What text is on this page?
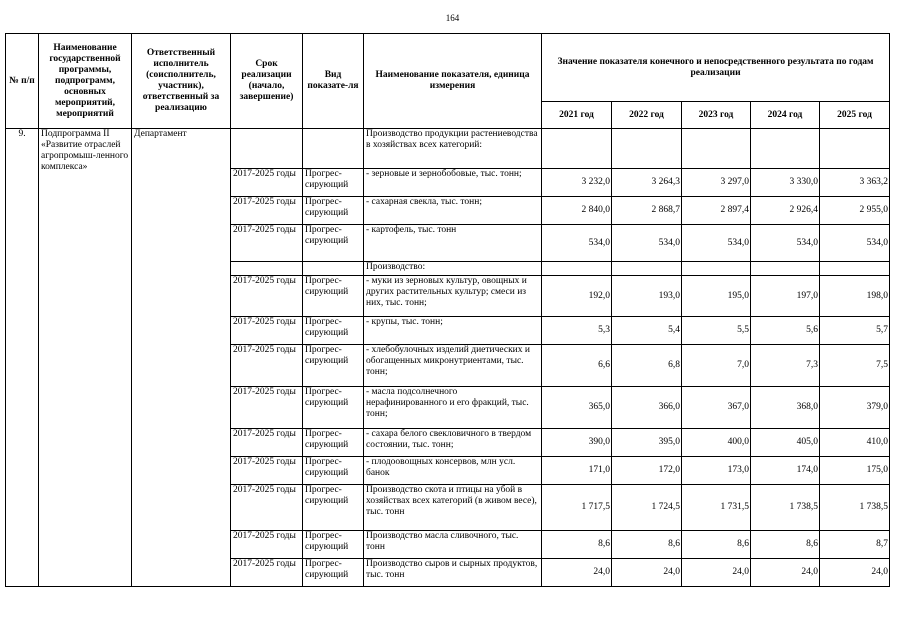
164
№ п/п	Наименование государственной программы, подпрограмм, основных мероприятий, мероприятий	Ответственный исполнитель (соисполнитель, участник), ответственный за реализацию	Срок реализации (начало, завершение)	Вид показате-ля	Наименование показателя, единица измерения	Значение показателя конечного и непосредственного результата по годам реализации				
						2021 год	2022 год	2023 год	2024 год	2025 год
9.	Подпрограмма II «Развитие отраслей агропромыш-ленного комплекса»	Департамент			Производство продукции растениеводства в хозяйствах всех категорий:					
			2017-2025 годы	Прогрес-сирующий	- зерновые и зернобобовые, тыс. тонн;	3 232,0	3 264,3	3 297,0	3 330,0	3 363,2
			2017-2025 годы	Прогрес-сирующий	- сахарная свекла, тыс. тонн;	2 840,0	2 868,7	2 897,4	2 926,4	2 955,0
			2017-2025 годы	Прогрес-сирующий	- картофель, тыс. тонн	534,0	534,0	534,0	534,0	534,0
					Производство:					
			2017-2025 годы	Прогрес-сирующий	- муки из зерновых культур, овощных и других растительных культур; смеси из них, тыс. тонн;	192,0	193,0	195,0	197,0	198,0
			2017-2025 годы	Прогрес-сирующий	- крупы, тыс. тонн;	5,3	5,4	5,5	5,6	5,7
			2017-2025 годы	Прогрес-сирующий	- хлебобулочных изделий диетических и обогащенных микронутриентами, тыс. тонн;	6,6	6,8	7,0	7,3	7,5
			2017-2025 годы	Прогрес-сирующий	- масла подсолнечного нерафинированного и его фракций, тыс. тонн;	365,0	366,0	367,0	368,0	379,0
			2017-2025 годы	Прогрес-сирующий	- сахара белого свекловичного в твердом состоянии, тыс. тонн;	390,0	395,0	400,0	405,0	410,0
			2017-2025 годы	Прогрес-сирующий	- плодоовощных консервов, млн усл. банок	171,0	172,0	173,0	174,0	175,0
			2017-2025 годы	Прогрес-сирующий	Производство скота и птицы на убой в хозяйствах всех категорий (в живом весе), тыс. тонн	1 717,5	1 724,5	1 731,5	1 738,5	1 738,5
			2017-2025 годы	Прогрес-сирующий	Производство масла сливочного, тыс. тонн	8,6	8,6	8,6	8,6	8,7
			2017-2025 годы	Прогрес-сирующий	Производство сыров и сырных продуктов, тыс. тонн	24,0	24,0	24,0	24,0	24,0
